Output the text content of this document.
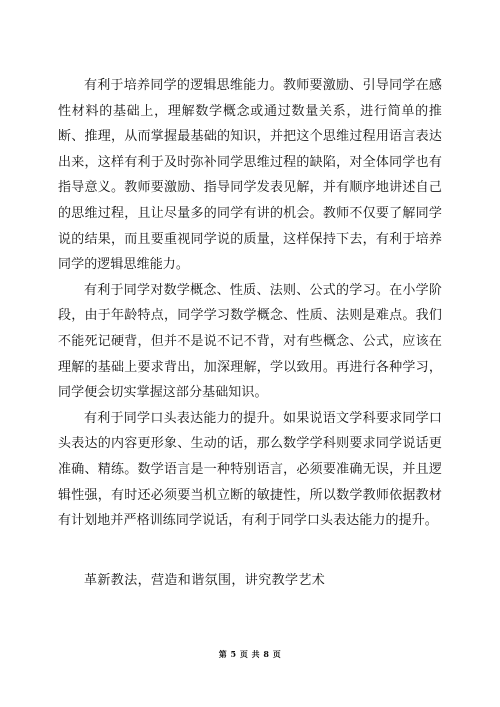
有利于培养同学的逻辑思维能力。教师要激励、引导同学在感性材料的基础上，理解数学概念或通过数量关系，进行简单的推断、推理，从而掌握最基础的知识，并把这个思维过程用语言表达出来，这样有利于及时弥补同学思维过程的缺陷，对全体同学也有指导意义。教师要激励、指导同学发表见解，并有顺序地讲述自己的思维过程，且让尽量多的同学有讲的机会。教师不仅要了解同学说的结果，而且要重视同学说的质量，这样保持下去，有利于培养同学的逻辑思维能力。

有利于同学对数学概念、性质、法则、公式的学习。在小学阶段，由于年龄特点，同学学习数学概念、性质、法则是难点。我们不能死记硬背，但并不是说不记不背，对有些概念、公式，应该在理解的基础上要求背出，加深理解，学以致用。再进行各种学习，同学便会切实掌握这部分基础知识。

有利于同学口头表达能力的提升。如果说语文学科要求同学口头表达的内容更形象、生动的话，那么数学学科则要求同学说话更准确、精练。数学语言是一种特别语言，必须要准确无误，并且逻辑性强，有时还必须要当机立断的敏捷性，所以数学教师依据教材有计划地并严格训练同学说话，有利于同学口头表达能力的提升。

革新教法，营造和谐氛围，讲究教学艺术

第 5 页 共 8 页
